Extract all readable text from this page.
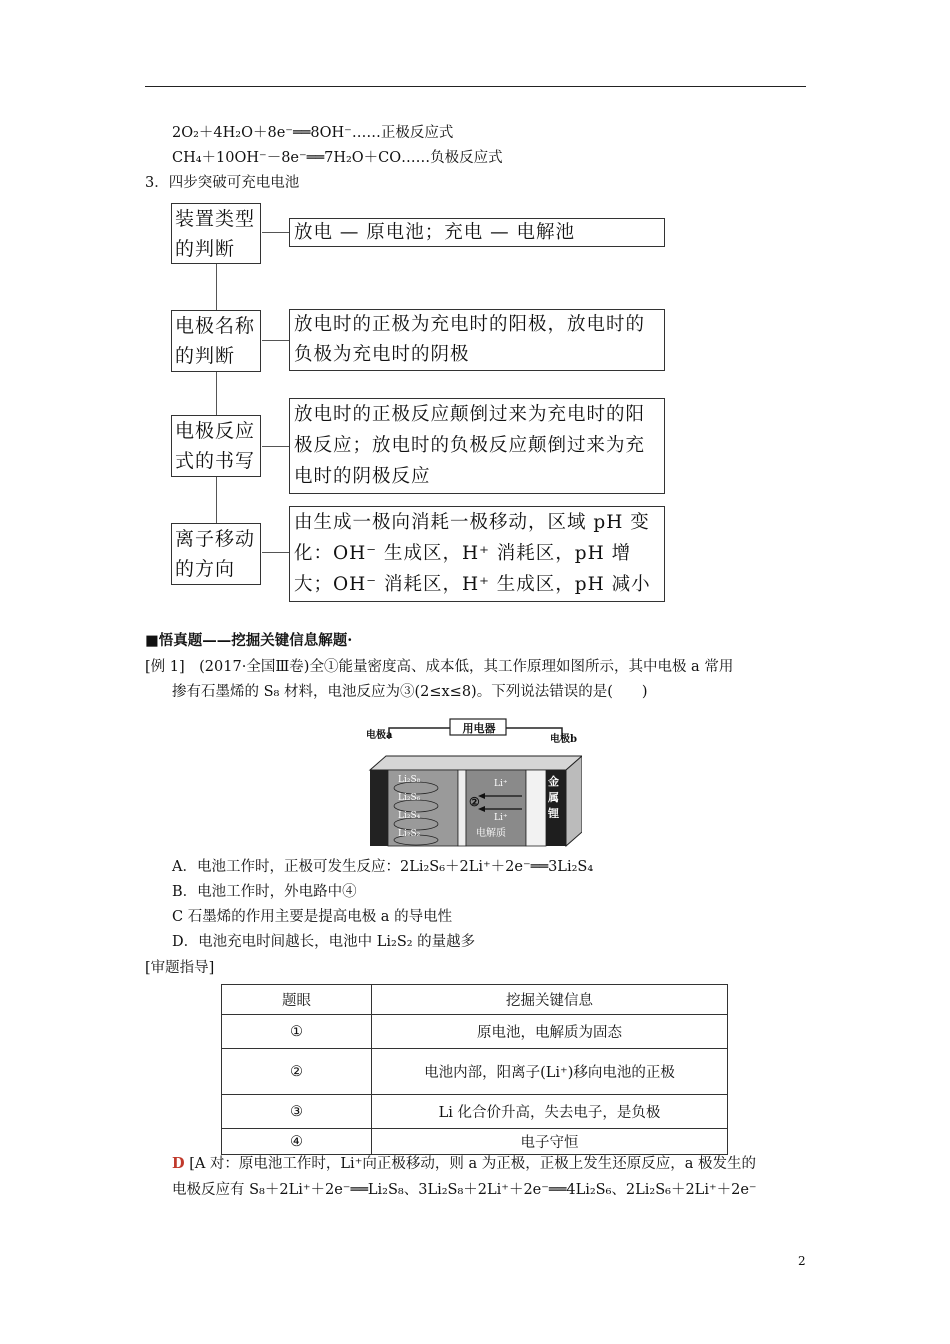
2O₂＋4H₂O＋8e⁻══8OH⁻……正极反应式
CH₄＋10OH⁻－8e⁻══7H₂O＋CO……负极反应式
3．四步突破可充电电池
装置类型的判断
放电 — 原电池；充电 — 电解池
电极名称的判断
放电时的正极为充电时的阳极，放电时的负极为充电时的阴极
电极反应式的书写
放电时的正极反应颠倒过来为充电时的阳极反应；放电时的负极反应颠倒过来为充电时的阴极反应
离子移动的方向
由生成一极向消耗一极移动，区域 pH 变化：OH⁻ 生成区，H⁺ 消耗区，pH 增大；OH⁻ 消耗区，H⁺ 生成区，pH 减小
■悟真题——挖掘关键信息解题·
[例 1]　(2017·全国Ⅲ卷)全①能量密度高、成本低，其工作原理如图所示，其中电极 a 常用
掺有石墨烯的 S₈ 材料，电池反应为③(2≤x≤8)。下列说法错误的是(　　)
电极a
用电器
电极b
Li₂S₈
Li₂S₆
Li₂S₄
Li₂S₂
Li⁺
Li⁺
②
电解质
金属锂
A．电池工作时，正极可发生反应：2Li₂S₆＋2Li⁺＋2e⁻══3Li₂S₄
B．电池工作时，外电路中④
C 石墨烯的作用主要是提高电极 a 的导电性
D．电池充电时间越长，电池中 Li₂S₂ 的量越多
[审题指导]
题眼	挖掘关键信息
①	原电池，电解质为固态
②	电池内部，阳离子(Li⁺)移向电池的正极
③	Li 化合价升高，失去电子，是负极
④	电子守恒
D [A 对：原电池工作时，Li⁺向正极移动，则 a 为正极，正极上发生还原反应，a 极发生的
电极反应有 S₈＋2Li⁺＋2e⁻══Li₂S₈、3Li₂S₈＋2Li⁺＋2e⁻══4Li₂S₆、2Li₂S₆＋2Li⁺＋2e⁻
2
